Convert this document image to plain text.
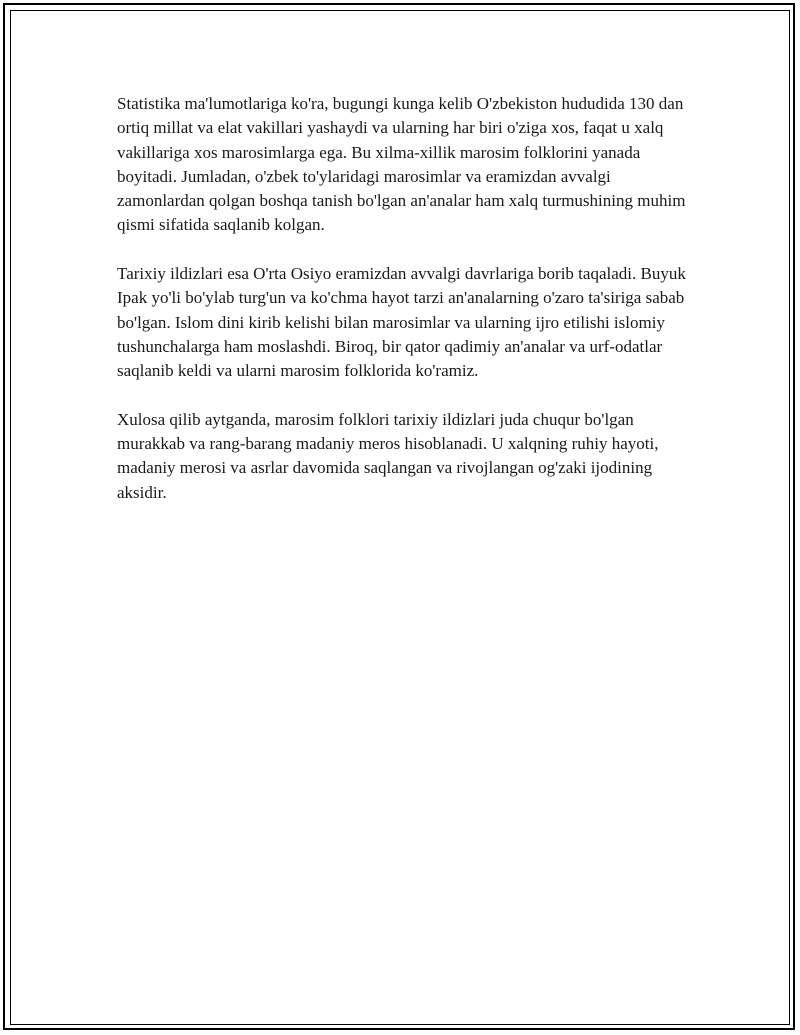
Statistika ma'lumotlariga ko'ra, bugungi kunga kelib O'zbekiston hududida 130 dan ortiq millat va elat vakillari yashaydi va ularning har biri o'ziga xos, faqat u xalq vakillariga xos marosimlarga ega. Bu xilma-xillik marosim folklorini yanada boyitadi. Jumladan, o'zbek to'ylaridagi marosimlar va eramizdan avvalgi zamonlardan qolgan boshqa tanish bo'lgan an'analar ham xalq turmushining muhim qismi sifatida saqlanib kolgan.

Tarixiy ildizlari esa O'rta Osiyo eramizdan avvalgi davrlariga borib taqaladi. Buyuk Ipak yo'li bo'ylab turg'un va ko'chma hayot tarzi an'analarning o'zaro ta'siriga sabab bo'lgan. Islom dini kirib kelishi bilan marosimlar va ularning ijro etilishi islomiy tushunchalarga ham moslashdi. Biroq, bir qator qadimiy an'analar va urf-odatlar saqlanib keldi va ularni marosim folklorida ko'ramiz.

Xulosa qilib aytganda, marosim folklori tarixiy ildizlari juda chuqur bo'lgan murakkab va rang-barang madaniy meros hisoblanadi. U xalqning ruhiy hayoti, madaniy merosi va asrlar davomida saqlangan va rivojlangan og'zaki ijodining aksidir.
